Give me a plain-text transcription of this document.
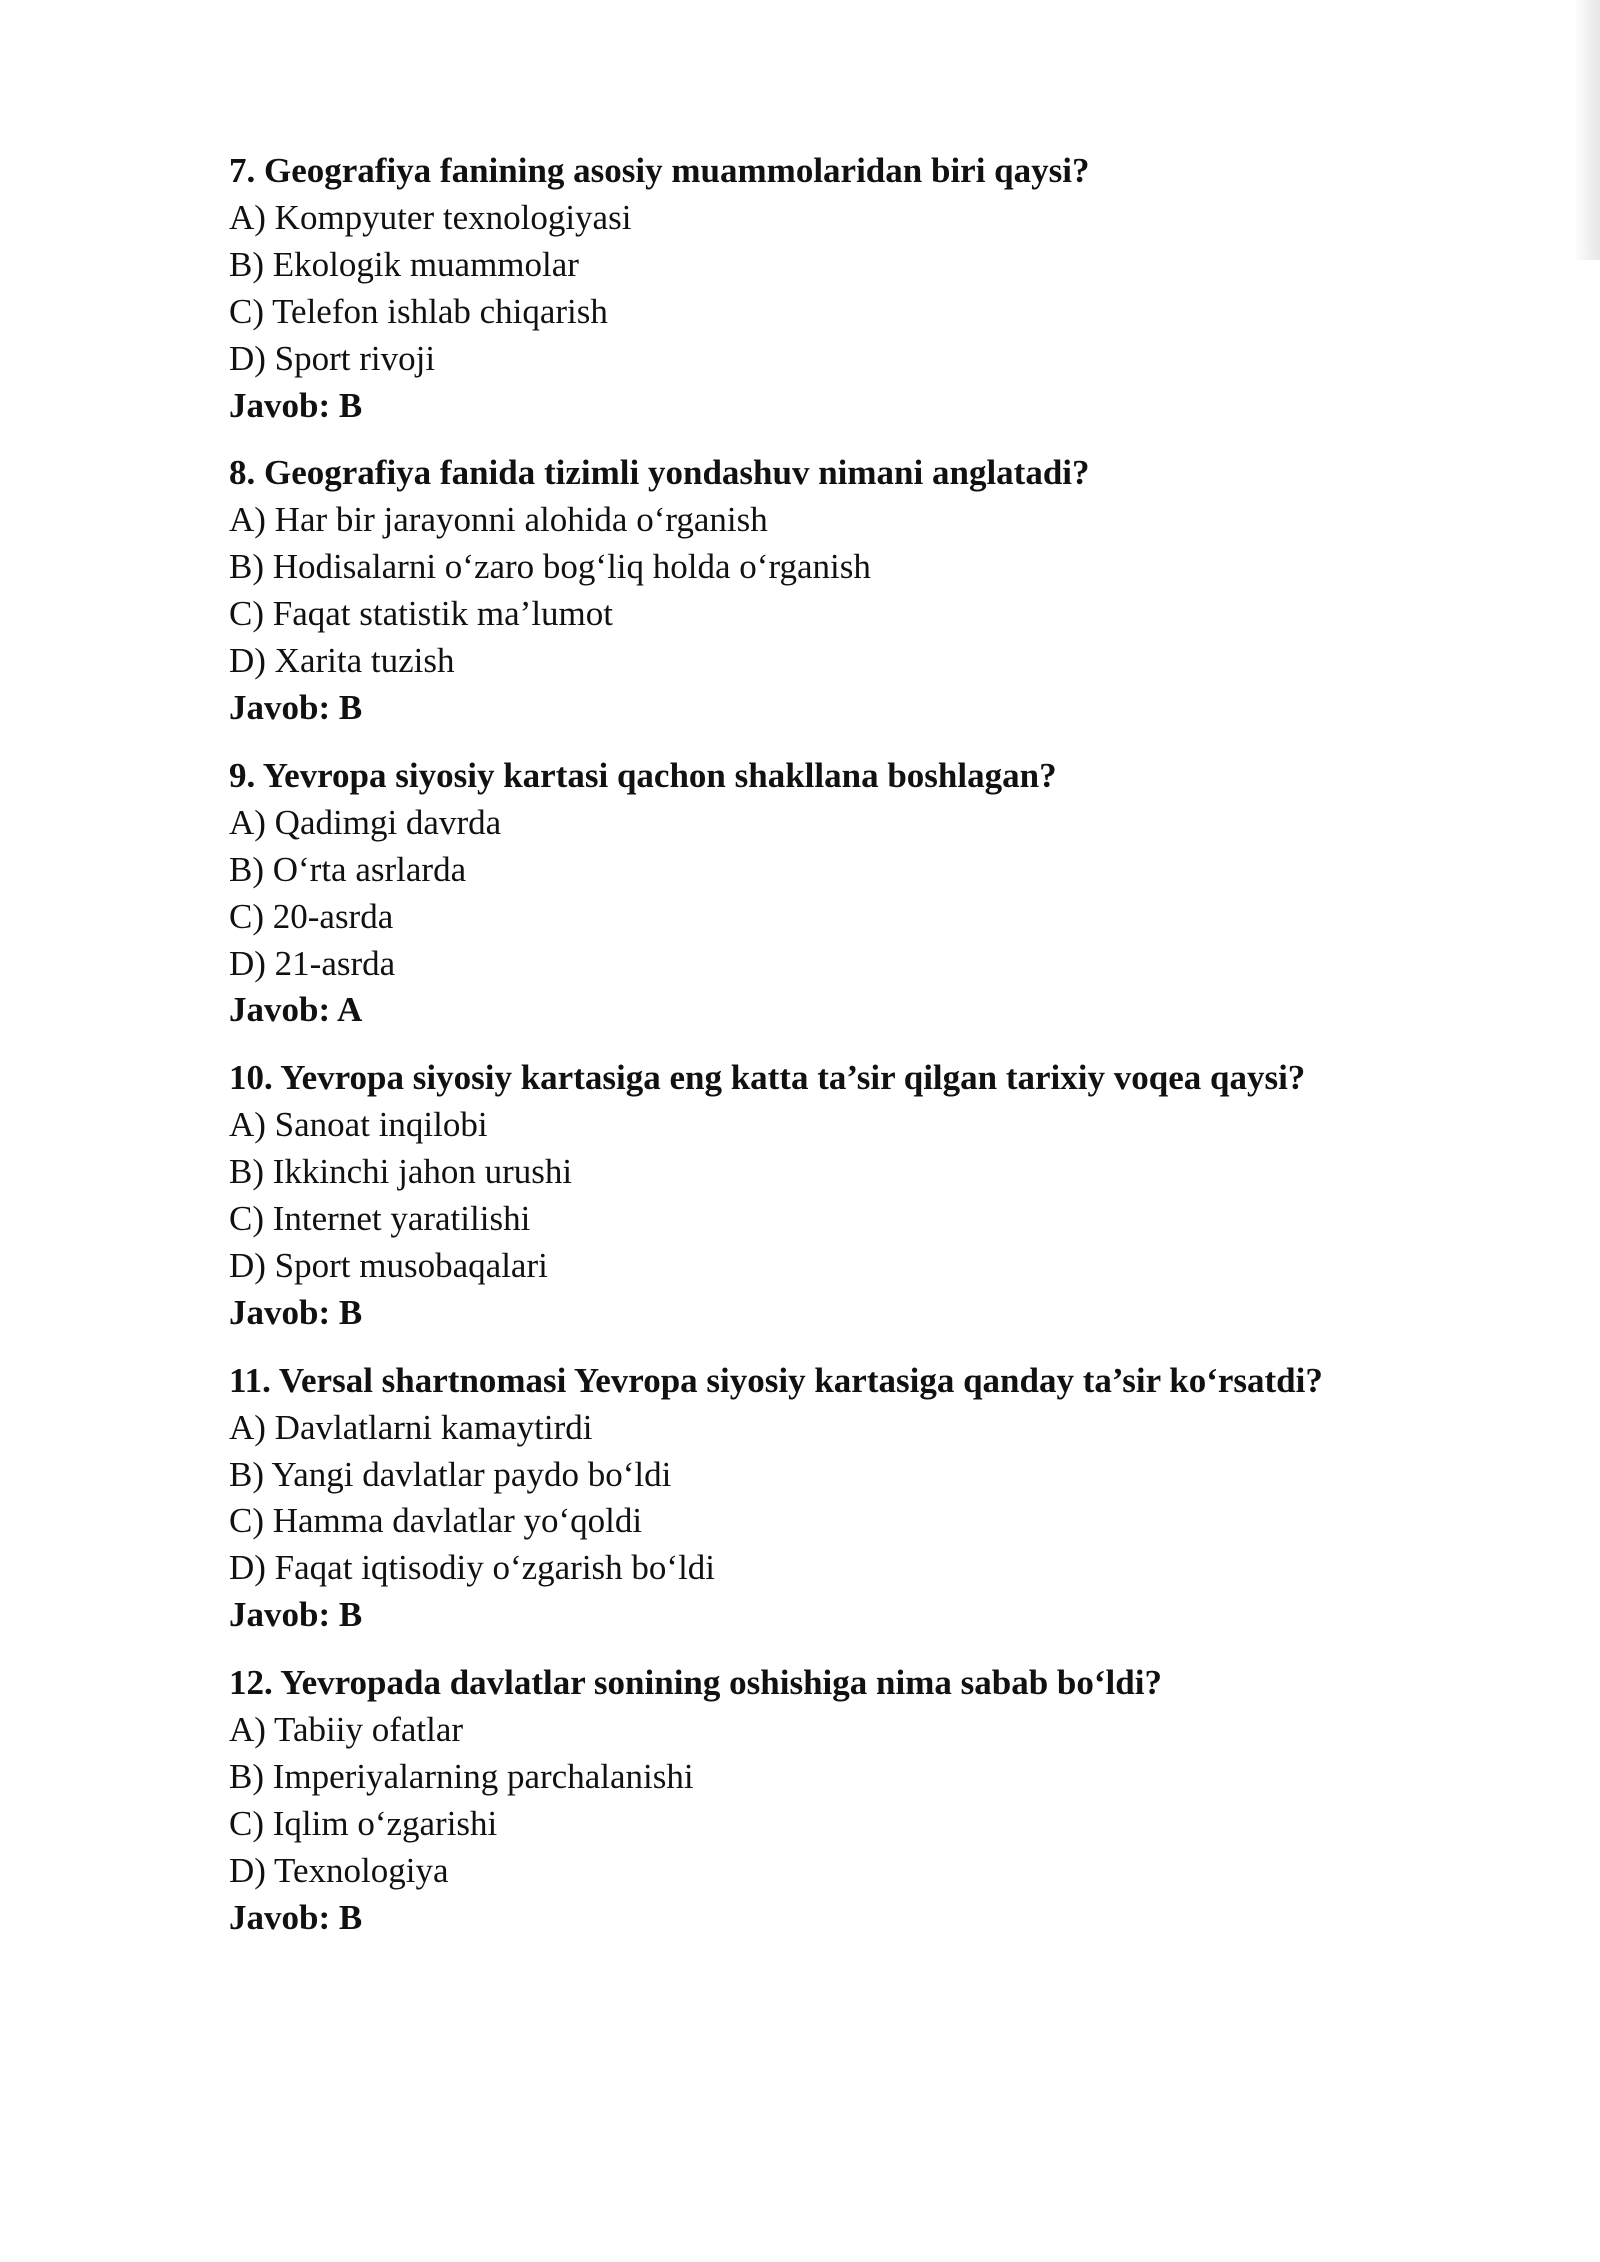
7. Geografiya fanining asosiy muammolaridan biri qaysi?
A) Kompyuter texnologiyasi
B) Ekologik muammolar
C) Telefon ishlab chiqarish
D) Sport rivoji
Javob: B
8. Geografiya fanida tizimli yondashuv nimani anglatadi?
A) Har bir jarayonni alohida o‘rganish
B) Hodisalarni o‘zaro bog‘liq holda o‘rganish
C) Faqat statistik ma’lumot
D) Xarita tuzish
Javob: B
9. Yevropa siyosiy kartasi qachon shakllana boshlagan?
A) Qadimgi davrda
B) O‘rta asrlarda
C) 20-asrda
D) 21-asrda
Javob: A
10. Yevropa siyosiy kartasiga eng katta ta’sir qilgan tarixiy voqea qaysi?
A) Sanoat inqilobi
B) Ikkinchi jahon urushi
C) Internet yaratilishi
D) Sport musobaqalari
Javob: B
11. Versal shartnomasi Yevropa siyosiy kartasiga qanday ta’sir ko‘rsatdi?
A) Davlatlarni kamaytirdi
B) Yangi davlatlar paydo bo‘ldi
C) Hamma davlatlar yo‘qoldi
D) Faqat iqtisodiy o‘zgarish bo‘ldi
Javob: B
12. Yevropada davlatlar sonining oshishiga nima sabab bo‘ldi?
A) Tabiiy ofatlar
B) Imperiyalarning parchalanishi
C) Iqlim o‘zgarishi
D) Texnologiya
Javob: B
